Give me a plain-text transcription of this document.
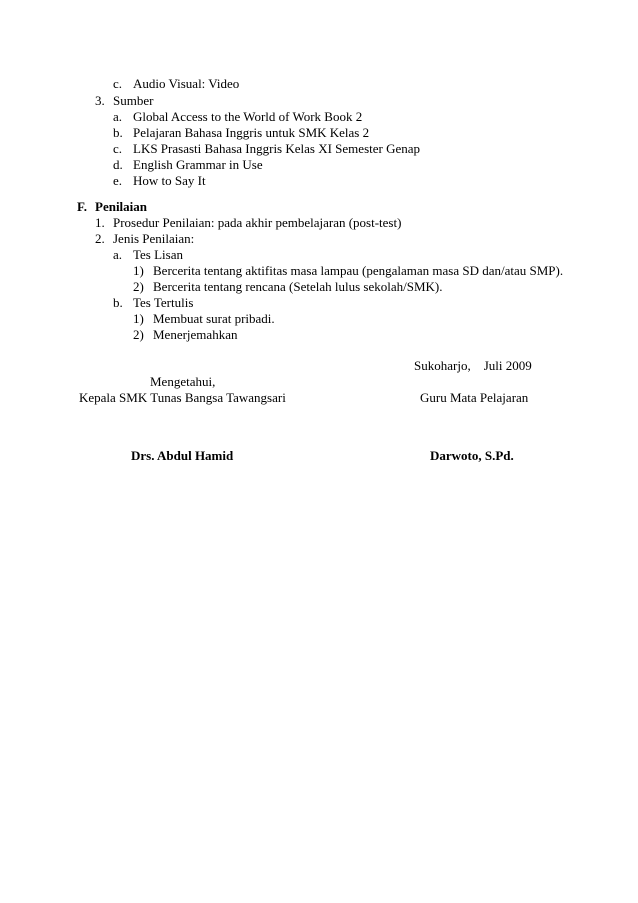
c. Audio Visual: Video
3. Sumber
a. Global Access to the World of Work Book 2
b. Pelajaran Bahasa Inggris untuk SMK Kelas 2
c. LKS Prasasti Bahasa Inggris Kelas XI Semester Genap
d. English Grammar in Use
e. How to Say It
F. Penilaian
1. Prosedur Penilaian: pada akhir pembelajaran (post-test)
2. Jenis Penilaian:
a. Tes Lisan
1) Bercerita tentang aktifitas masa lampau (pengalaman masa SD dan/atau SMP).
2) Bercerita tentang rencana (Setelah lulus sekolah/SMK).
b. Tes Tertulis
1) Membuat surat pribadi.
2) Menerjemahkan
Sukoharjo,    Juli 2009
Mengetahui,
Kepala SMK Tunas Bangsa Tawangsari	Guru Mata Pelajaran
Drs. Abdul Hamid	Darwoto, S.Pd.
